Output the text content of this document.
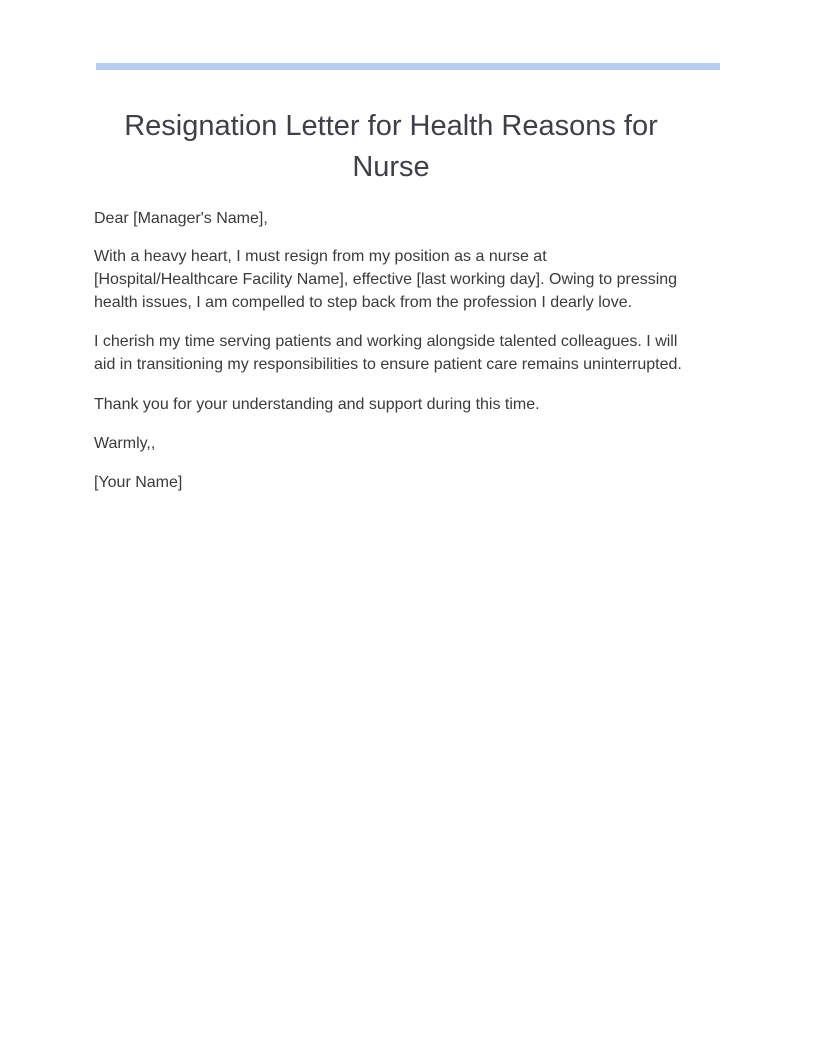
Resignation Letter for Health Reasons for Nurse

Dear [Manager's Name],

With a heavy heart, I must resign from my position as a nurse at [Hospital/Healthcare Facility Name], effective [last working day]. Owing to pressing health issues, I am compelled to step back from the profession I dearly love.

I cherish my time serving patients and working alongside talented colleagues. I will aid in transitioning my responsibilities to ensure patient care remains uninterrupted.

Thank you for your understanding and support during this time.

Warmly,,

[Your Name]
